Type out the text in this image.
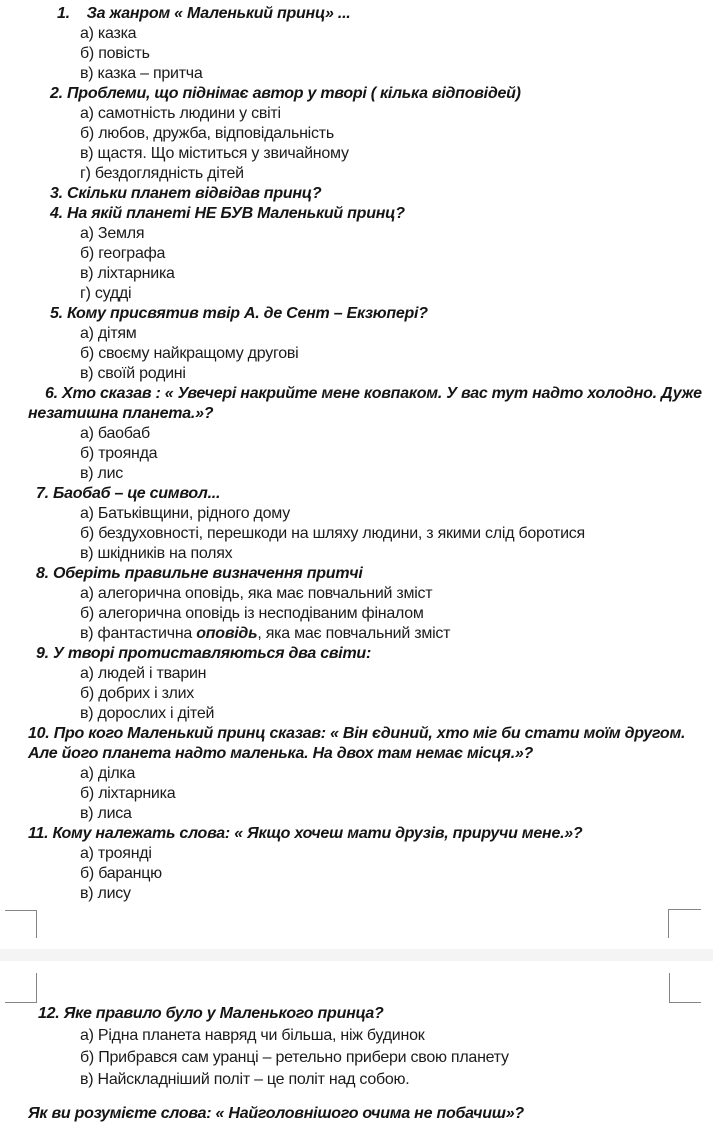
1.    За жанром « Маленький принц» ...
а) казка
б) повість
в) казка – притча
2. Проблеми, що піднімає автор у творі ( кілька відповідей)
а) самотність людини у світі
б) любов, дружба, відповідальність
в) щастя. Що міститься у звичайному
г) бездоглядність дітей
3. Скільки планет відвідав принц?
4. На якій планеті НЕ БУВ Маленький принц?
а) Земля
б) географа
в) ліхтарника
г) судді
5. Кому присвятив твір А. де Сент – Екзюпері?
а) дітям
б) своєму найкращому другові
в) своїй родині
6. Хто сказав : « Увечері накрийте мене ковпаком. У вас тут надто холодно. Дуже
незатишна планета.»?
а) баобаб
б) троянда
в) лис
7. Баобаб – це символ...
а) Батьківщини, рідного дому
б) бездуховності, перешкоди на шляху людини, з якими слід боротися
в) шкідників на полях
8. Оберіть правильне визначення притчі
а) алегорична оповідь, яка має повчальний зміст
б) алегорична оповідь із несподіваним фіналом
в) фантастична оповідь, яка має повчальний зміст
9. У творі протиставляються два світи:
а) людей і тварин
б) добрих і злих
в) дорослих і дітей
10. Про кого Маленький принц сказав: « Він єдиний, хто міг би стати моїм другом.
Але його планета надто маленька. На двох там немає місця.»?
а) ділка
б) ліхтарника
в) лиса
11. Кому належать слова: « Якщо хочеш мати друзів, приручи мене.»?
а) троянді
б) баранцю
в) лису
12. Яке правило було у Маленького принца?
а) Рідна планета навряд чи більша, ніж будинок
б) Прибрався сам уранці – ретельно прибери свою планету
в) Найскладніший політ – це політ над собою.
Як ви розумієте слова: « Найголовнішого очима не побачиш»?
